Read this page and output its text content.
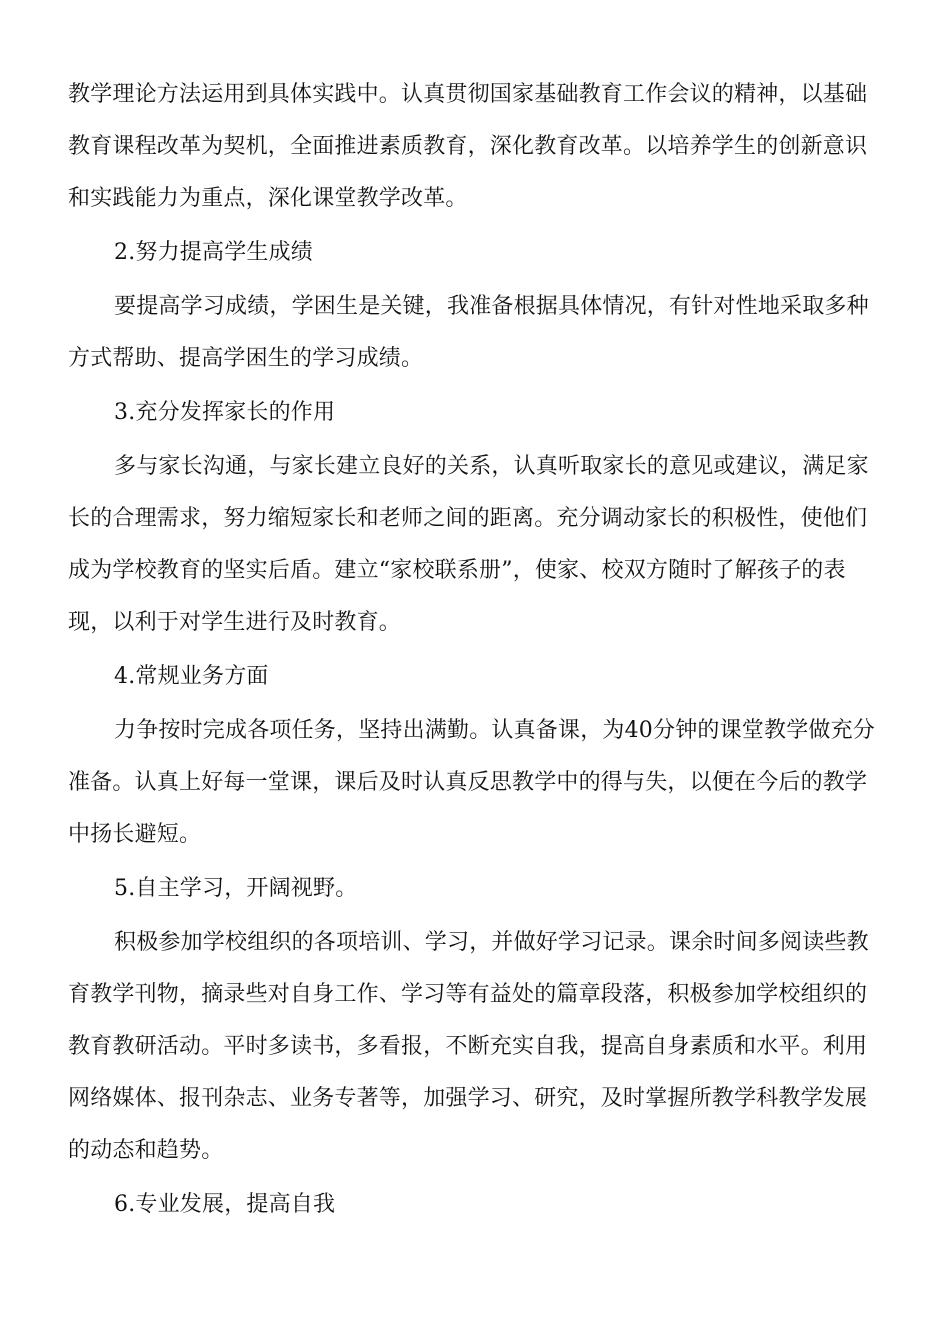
教学理论方法运用到具体实践中。认真贯彻国家基础教育工作会议的精神，以基础

教育课程改革为契机，全面推进素质教育，深化教育改革。以培养学生的创新意识

和实践能力为重点，深化课堂教学改革。

2.努力提高学生成绩

要提高学习成绩，学困生是关键，我准备根据具体情况，有针对性地采取多种

方式帮助、提高学困生的学习成绩。

3.充分发挥家长的作用

多与家长沟通，与家长建立良好的关系，认真听取家长的意见或建议，满足家

长的合理需求，努力缩短家长和老师之间的距离。充分调动家长的积极性，使他们

成为学校教育的坚实后盾。建立“家校联系册”，使家、校双方随时了解孩子的表

现，以利于对学生进行及时教育。

4.常规业务方面

力争按时完成各项任务，坚持出满勤。认真备课，为40分钟的课堂教学做充分

准备。认真上好每一堂课，课后及时认真反思教学中的得与失，以便在今后的教学

中扬长避短。

5.自主学习，开阔视野。

积极参加学校组织的各项培训、学习，并做好学习记录。课余时间多阅读些教

育教学刊物，摘录些对自身工作、学习等有益处的篇章段落，积极参加学校组织的

教育教研活动。平时多读书，多看报，不断充实自我，提高自身素质和水平。利用

网络媒体、报刊杂志、业务专著等，加强学习、研究，及时掌握所教学科教学发展

的动态和趋势。

6.专业发展，提高自我
